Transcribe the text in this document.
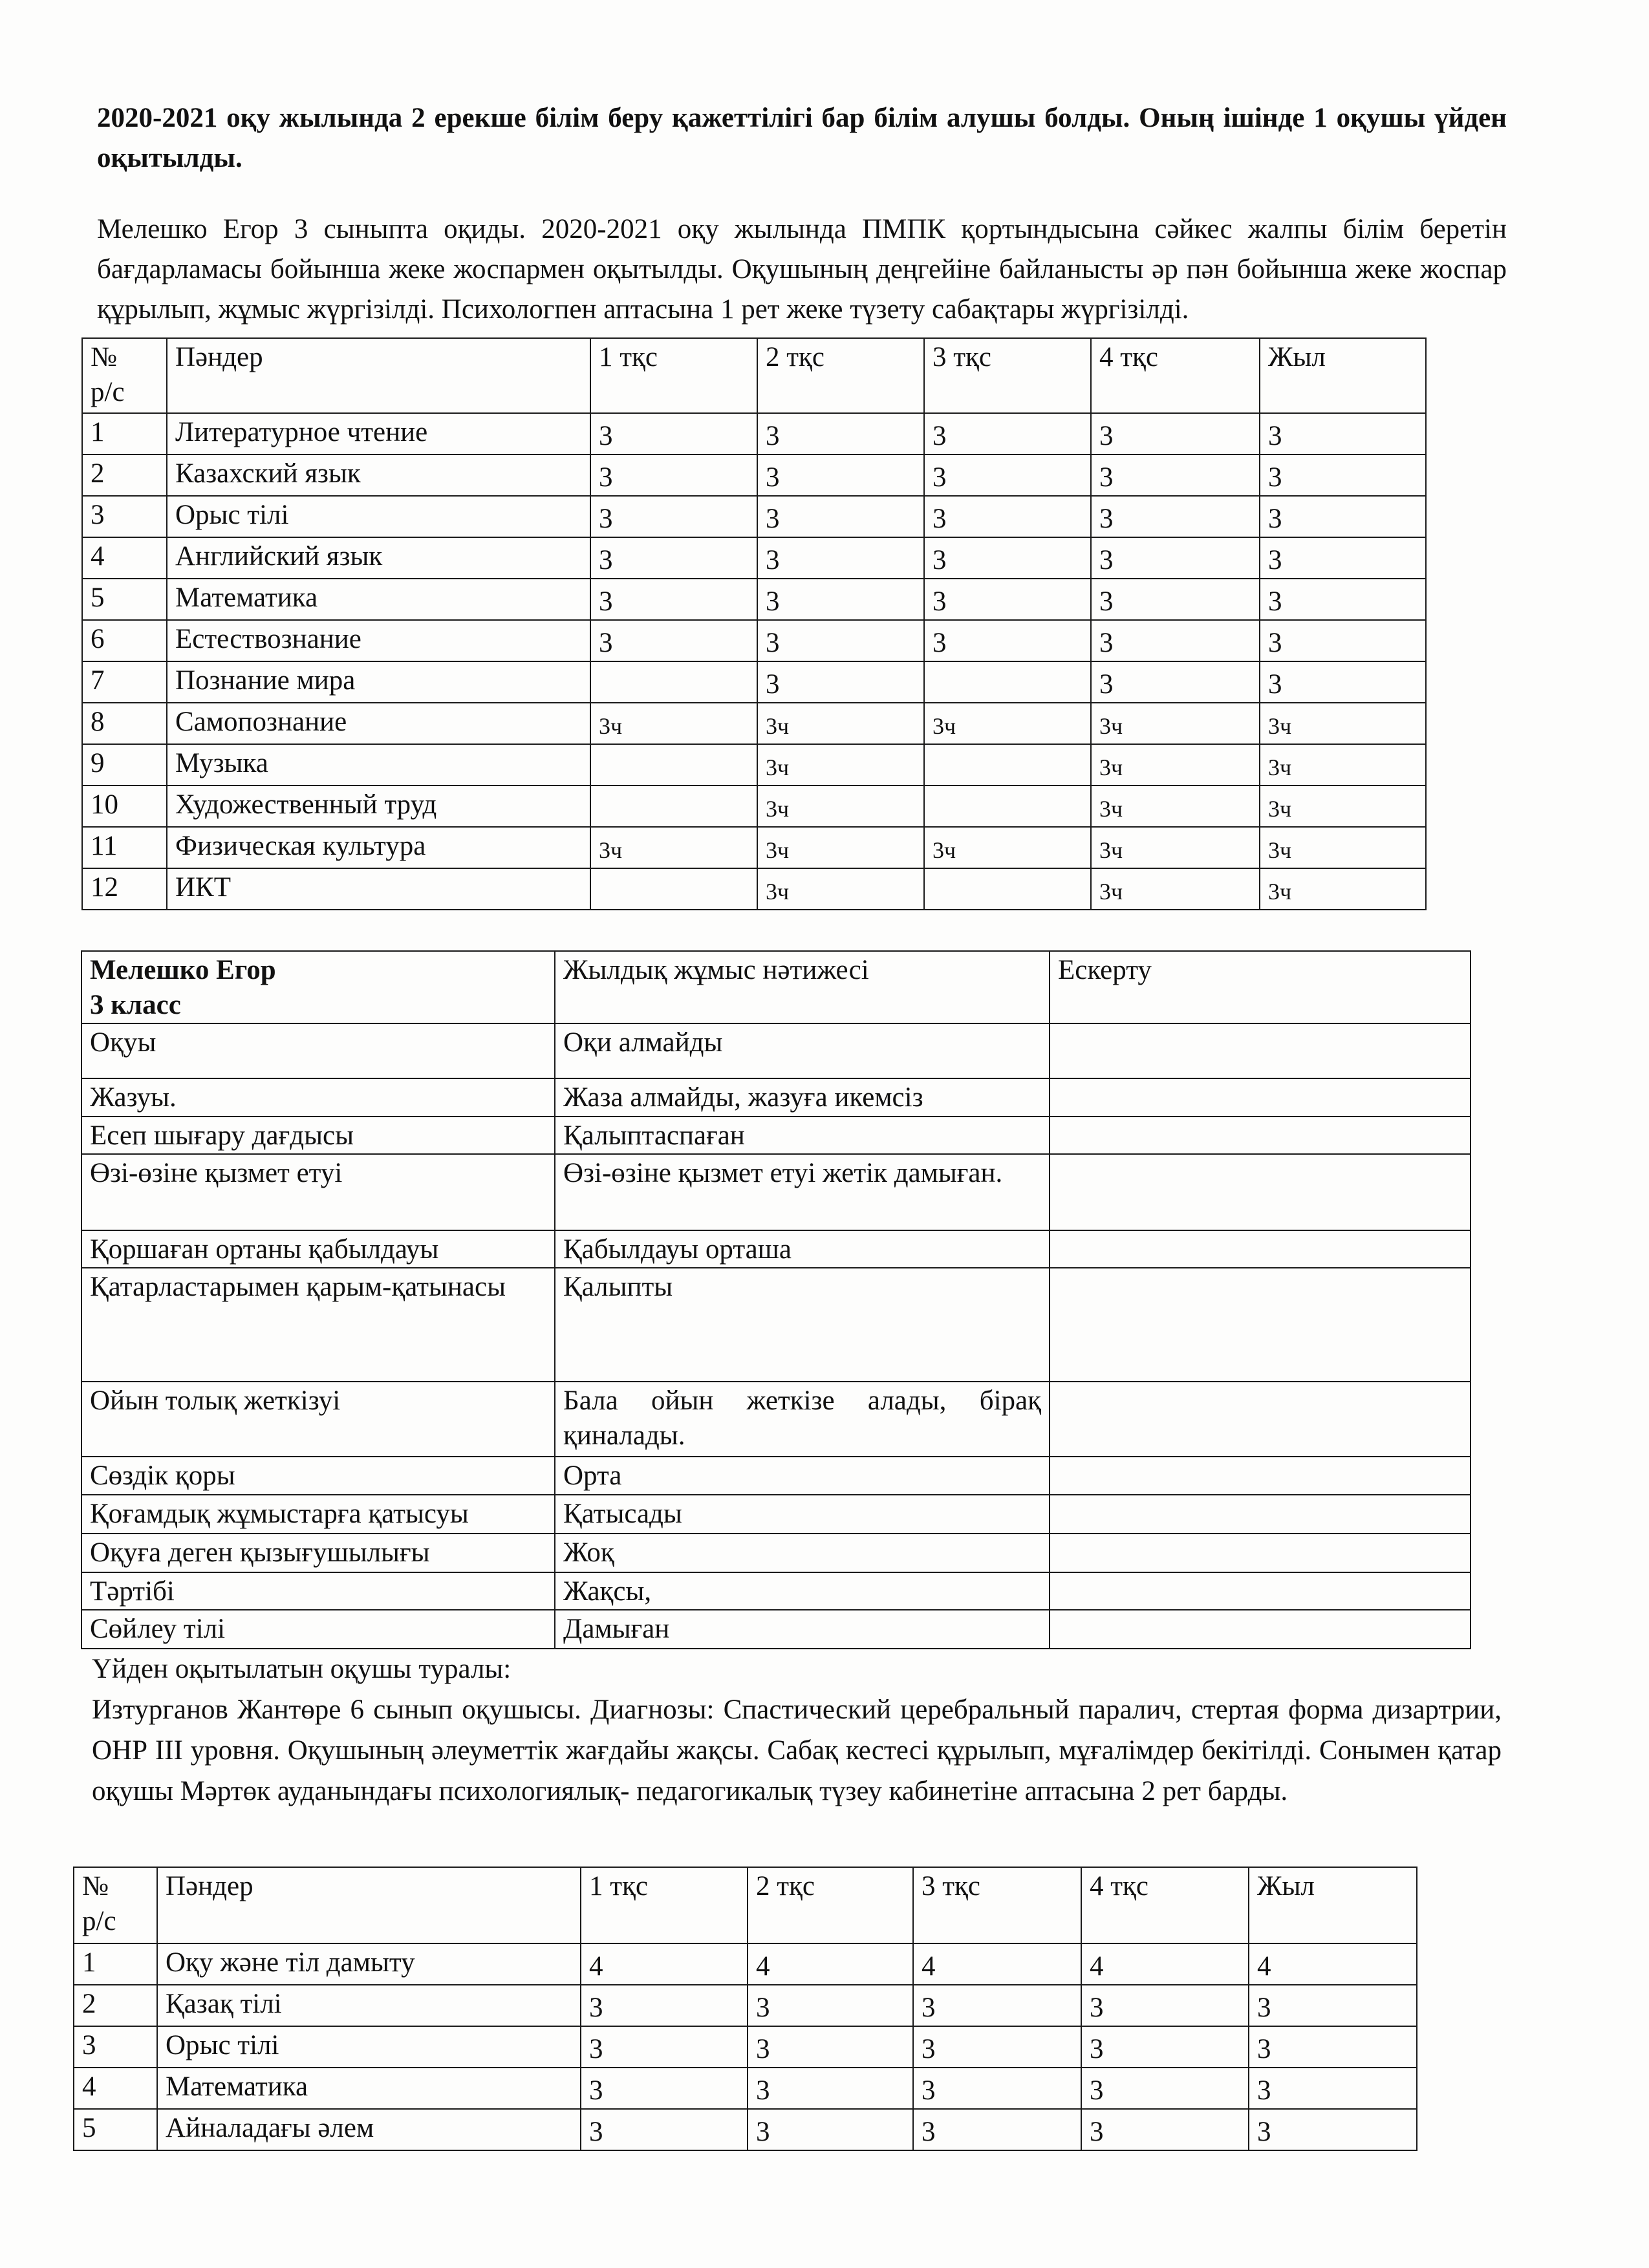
2020-2021 оқу жылында 2 ерекше білім беру қажеттілігі бар білім алушы болды. Оның ішінде 1 оқушы үйден оқытылды.
Мелешко Егор 3 сыныпта оқиды. 2020-2021 оқу жылында ПМПК қортындысына сәйкес жалпы білім беретін бағдарламасы бойынша жеке жоспармен оқытылды. Оқушының деңгейіне байланысты әр пән бойынша жеке жоспар құрылып, жұмыс жүргізілді. Психологпен аптасына 1 рет жеке түзету сабақтары жүргізілді.
№
р/с	Пәндер	1 тқс	2 тқс	3 тқс	4 тқс	Жыл
1	Литературное чтение	3	3	3	3	3
2	Казахский язык	3	3	3	3	3
3	Орыс тілі	3	3	3	3	3
4	Английский язык	3	3	3	3	3
5	Математика	3	3	3	3	3
6	Естествознание	3	3	3	3	3
7	Познание мира		3		3	3
8	Самопознание	3ч	3ч	3ч	3ч	3ч
9	Музыка		3ч		3ч	3ч
10	Художественный труд		3ч		3ч	3ч
11	Физическая культура	3ч	3ч	3ч	3ч	3ч
12	ИКТ		3ч		3ч	3ч
Мелешко Егор
3 класс	Жылдық жұмыс нәтижесі	Ескерту
Оқуы	Оқи алмайды	
Жазуы.	Жаза алмайды, жазуға икемсіз	
Есеп шығару дағдысы	Қалыптаспаған	
Өзі-өзіне қызмет етуі	Өзі-өзіне қызмет етуі жетік дамыған.	
Қоршаған ортаны қабылдауы	Қабылдауы орташа	
Қатарластарымен қарым-қатынасы	Қалыпты	
Ойын толық жеткізуі	Бала ойын жеткізе алады, бірақ қиналады.	
Сөздік қоры	Орта	
Қоғамдық жұмыстарға қатысуы	Қатысады	
Оқуға деген қызығушылығы	Жоқ	
Тәртібі	Жақсы,	
Сөйлеу тілі	Дамыған	
Үйден оқытылатын оқушы туралы:
Изтурганов Жантөре 6 сынып оқушысы. Диагнозы: Спастический церебральный паралич, стертая форма дизартрии, ОНР III уровня. Оқушының әлеуметтік жағдайы жақсы. Сабақ кестесі құрылып, мұғалімдер бекітілді. Сонымен қатар оқушы Мәртөк ауданындағы психологиялық- педагогикалық түзеу кабинетіне аптасына 2 рет барды.
№
р/с	Пәндер	1 тқс	2 тқс	3 тқс	4 тқс	Жыл
1	Оқу және тіл дамыту	4	4	4	4	4
2	Қазақ тілі	3	3	3	3	3
3	Орыс тілі	3	3	3	3	3
4	Математика	3	3	3	3	3
5	Айналадағы әлем	3	3	3	3	3
